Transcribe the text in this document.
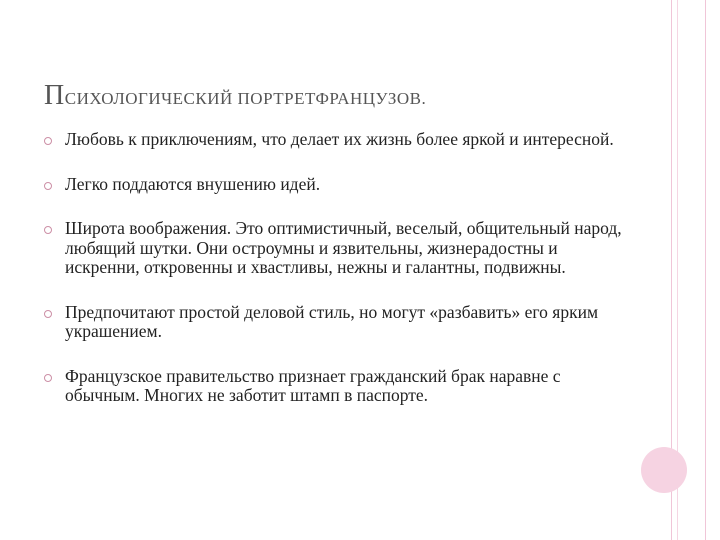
ПСИХОЛОГИЧЕСКИЙ ПОРТРЕТФРАНЦУЗОВ.
Любовь к приключениям, что делает их жизнь более яркой и интересной.
Легко поддаются внушению идей.
Широта воображения. Это оптимистичный, веселый, общительный народ, любящий шутки. Они остроумны и язвительны, жизнерадостны и искренни, откровенны и хвастливы, нежны и галантны, подвижны.
Предпочитают простой деловой стиль, но могут «разбавить» его ярким украшением.
Французское правительство признает гражданский брак наравне с обычным. Многих не заботит штамп в паспорте.
